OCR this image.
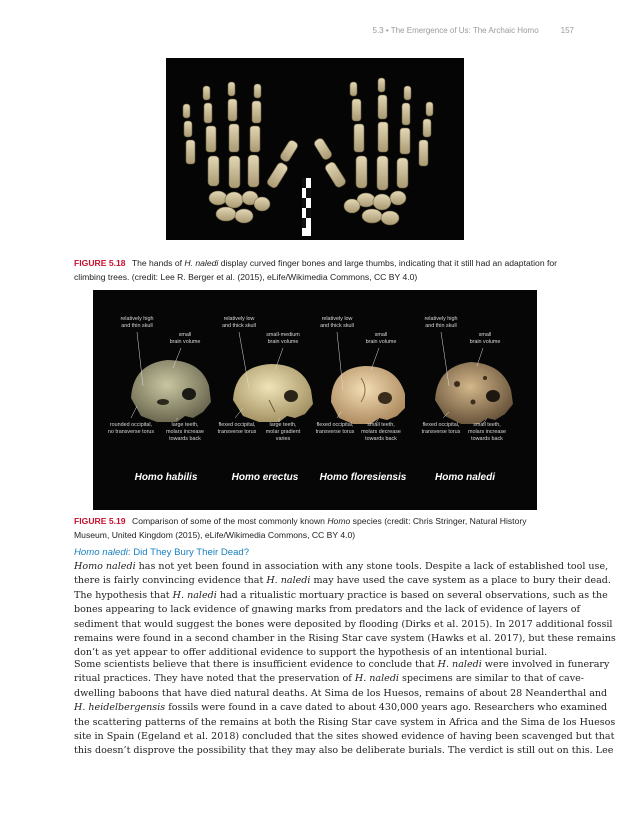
5.3 • The Emergence of Us: The Archaic Homo	157
FIGURE 5.18 The hands of H. naledi display curved finger bones and large thumbs, indicating that it still had an adaptation for climbing trees. (credit: Lee R. Berger et al. (2015), eLife/Wikimedia Commons, CC BY 4.0)
relatively high and thin skull
small brain volume
rounded occipital, no transverse torus
large teeth, molars increase towards back
relatively low and thick skull
small-medium brain volume
flexed occipital, transverse torus
large teeth, molar gradient varies
relatively low and thick skull
small brain volume
flexed occipital, transverse torus
small teeth, molars decrease towards back
relatively high and thin skull
small brain volume
flexed occipital, transverse torus
small teeth, molars increase towards back
Homo habilis	Homo erectus Homo floresiensis	Homo naledi
FIGURE 5.19 Comparison of some of the most commonly known Homo species (credit: Chris Stringer, Natural History Museum, United Kingdom (2015), eLife/Wikimedia Commons, CC BY 4.0)
Homo naledi: Did They Bury Their Dead?
Homo naledi has not yet been found in association with any stone tools. Despite a lack of established tool use,
there is fairly convincing evidence that H. naledi may have used the cave system as a place to bury their dead.
The hypothesis that H. naledi had a ritualistic mortuary practice is based on several observations, such as the
bones appearing to lack evidence of gnawing marks from predators and the lack of evidence of layers of
sediment that would suggest the bones were deposited by flooding (Dirks et al. 2015). In 2017 additional fossil
remains were found in a second chamber in the Rising Star cave system (Hawks et al. 2017), but these remains
don’t as yet appear to offer additional evidence to support the hypothesis of an intentional burial.
Some scientists believe that there is insufficient evidence to conclude that H. naledi were involved in funerary
ritual practices. They have noted that the preservation of H. naledi specimens are similar to that of cave-
dwelling baboons that have died natural deaths. At Sima de los Huesos, remains of about 28 Neanderthal and
H. heidelbergensis fossils were found in a cave dated to about 430,000 years ago. Researchers who examined
the scattering patterns of the remains at both the Rising Star cave system in Africa and the Sima de los Huesos
site in Spain (Egeland et al. 2018) concluded that the sites showed evidence of having been scavenged but that
this doesn’t disprove the possibility that they may also be deliberate burials. The verdict is still out on this. Lee
